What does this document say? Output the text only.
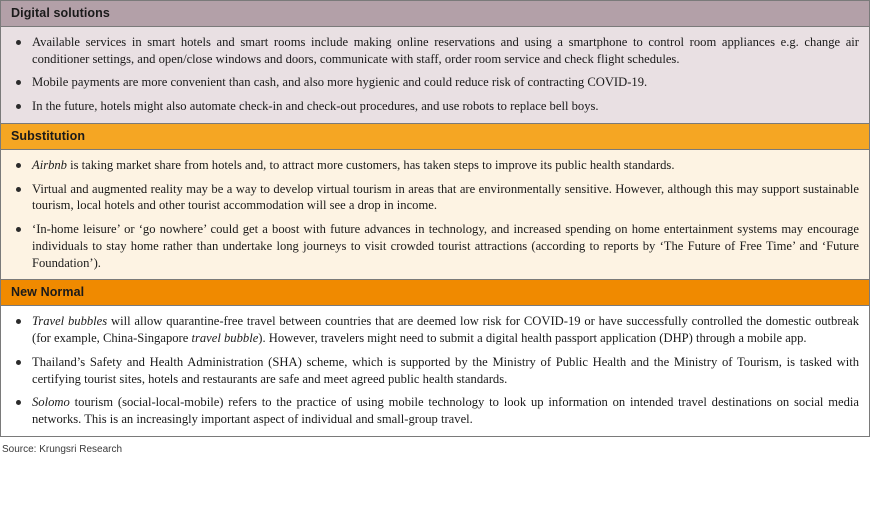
Digital solutions
Available services in smart hotels and smart rooms include making online reservations and using a smartphone to control room appliances e.g. change air conditioner settings, and open/close windows and doors, communicate with staff, order room service and check flight schedules.
Mobile payments are more convenient than cash, and also more hygienic and could reduce risk of contracting COVID-19.
In the future, hotels might also automate check-in and check-out procedures, and use robots to replace bell boys.
Substitution
Airbnb is taking market share from hotels and, to attract more customers, has taken steps to improve its public health standards.
Virtual and augmented reality may be a way to develop virtual tourism in areas that are environmentally sensitive. However, although this may support sustainable tourism, local hotels and other tourist accommodation will see a drop in income.
‘In-home leisure’ or ‘go nowhere’ could get a boost with future advances in technology, and increased spending on home entertainment systems may encourage individuals to stay home rather than undertake long journeys to visit crowded tourist attractions (according to reports by ‘The Future of Free Time’ and ‘Future Foundation’).
New Normal
Travel bubbles will allow quarantine-free travel between countries that are deemed low risk for COVID-19 or have successfully controlled the domestic outbreak (for example, China-Singapore travel bubble). However, travelers might need to submit a digital health passport application (DHP) through a mobile app.
Thailand’s Safety and Health Administration (SHA) scheme, which is supported by the Ministry of Public Health and the Ministry of Tourism, is tasked with certifying tourist sites, hotels and restaurants are safe and meet agreed public health standards.
Solomo tourism (social-local-mobile) refers to the practice of using mobile technology to look up information on intended travel destinations on social media networks. This is an increasingly important aspect of individual and small-group travel.
Source: Krungsri Research
